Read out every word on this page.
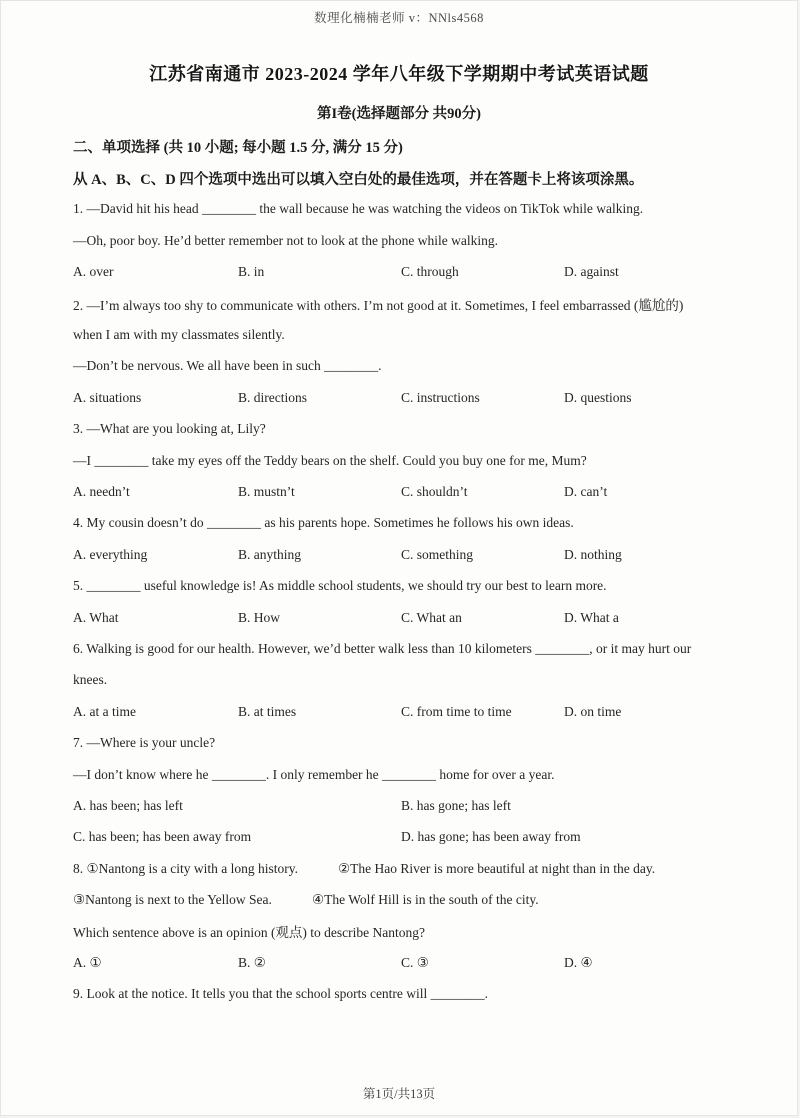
数理化楠楠老师 v：NNls4568
江苏省南通市 2023-2024 学年八年级下学期期中考试英语试题
第I卷(选择题部分 共90分)
二、单项选择 (共 10 小题; 每小题 1.5 分, 满分 15 分)
从 A、B、C、D 四个选项中选出可以填入空白处的最佳选项，并在答题卡上将该项涂黑。
1. —David hit his head ________ the wall because he was watching the videos on TikTok while walking.
—Oh, poor boy. He’d better remember not to look at the phone while walking.
A. over	B. in	C. through	D. against
2. —I’m always too shy to communicate with others. I’m not good at it. Sometimes, I feel embarrassed (尴尬的)
when I am with my classmates silently.
—Don’t be nervous. We all have been in such ________.
A. situations	B. directions	C. instructions	D. questions
3. —What are you looking at, Lily?
—I ________ take my eyes off the Teddy bears on the shelf. Could you buy one for me, Mum?
A. needn’t	B. mustn’t	C. shouldn’t	D. can’t
4. My cousin doesn’t do ________ as his parents hope. Sometimes he follows his own ideas.
A. everything	B. anything	C. something	D. nothing
5. ________ useful knowledge is! As middle school students, we should try our best to learn more.
A. What	B. How	C. What an	D. What a
6. Walking is good for our health. However, we’d better walk less than 10 kilometers ________, or it may hurt our
knees.
A. at a time	B. at times	C. from time to time	D. on time
7. —Where is your uncle?
—I don’t know where he ________. I only remember he ________ home for over a year.
A. has been; has left	B. has gone; has left
C. has been; has been away from	D. has gone; has been away from
8. ①Nantong is a city with a long history.	②The Hao River is more beautiful at night than in the day.
③Nantong is next to the Yellow Sea.	④The Wolf Hill is in the south of the city.
Which sentence above is an opinion (观点) to describe Nantong?
A. ①	B. ②	C. ③	D. ④
9. Look at the notice. It tells you that the school sports centre will ________.
第1页/共13页
